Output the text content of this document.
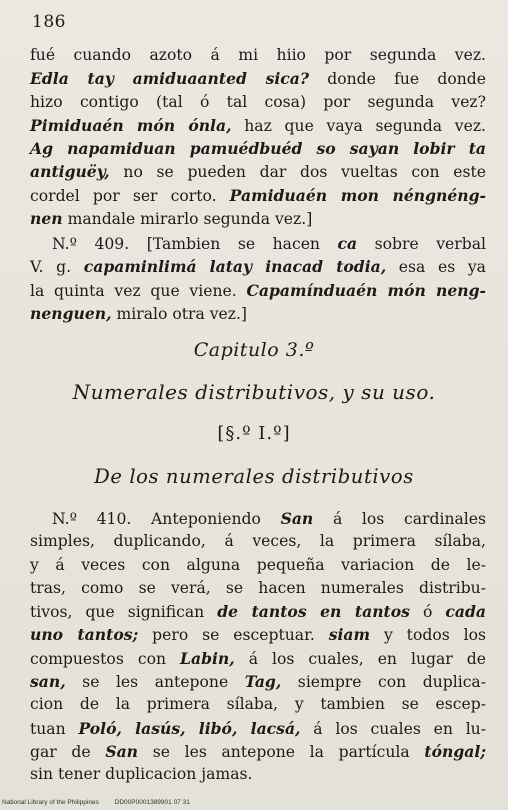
186
fué cuando azoto á mi hiio por segunda vez.
Edla tay amiduaanted sica? donde fue donde
hizo contigo (tal ó tal cosa) por segunda vez?
Pimiduaén món ónla, haz que vaya segunda vez.
Ag napamiduan pamuédbuéd so sayan lobir ta
antiguëy, no se pueden dar dos vueltas con este
cordel por ser corto. Pamiduaén mon néngnéng-
nen mandale mirarlo segunda vez.]
N.º 409. [Tambien se hacen ca sobre verbal
V. g. capaminlimá latay inacad todia, esa es ya
la quinta vez que viene. Capamínduaén món neng-
nenguen, miralo otra vez.]
Capitulo 3.º
Numerales distributivos, y su uso.
[§.º I.º]
De los numerales distributivos
N.º 410. Anteponiendo San á los cardinales
simples, duplicando, á veces, la primera sílaba,
y á veces con alguna pequeña variacion de le-
tras, como se verá, se hacen numerales distribu-
tivos, que significan de tantos en tantos ó cada
uno tantos; pero se esceptuar. siam y todos los
compuestos con Labin, á los cuales, en lugar de
san, se les antepone Tag, siempre con duplica-
cion de la primera sílaba, y tambien se escep-
tuan Poló, lasús, libó, lacsá, á los cuales en lu-
gar de San se les antepone la partícula tóngal;
sin tener duplicacion jamas.
National Library of the Philippines DD00P0001389901 07 31
